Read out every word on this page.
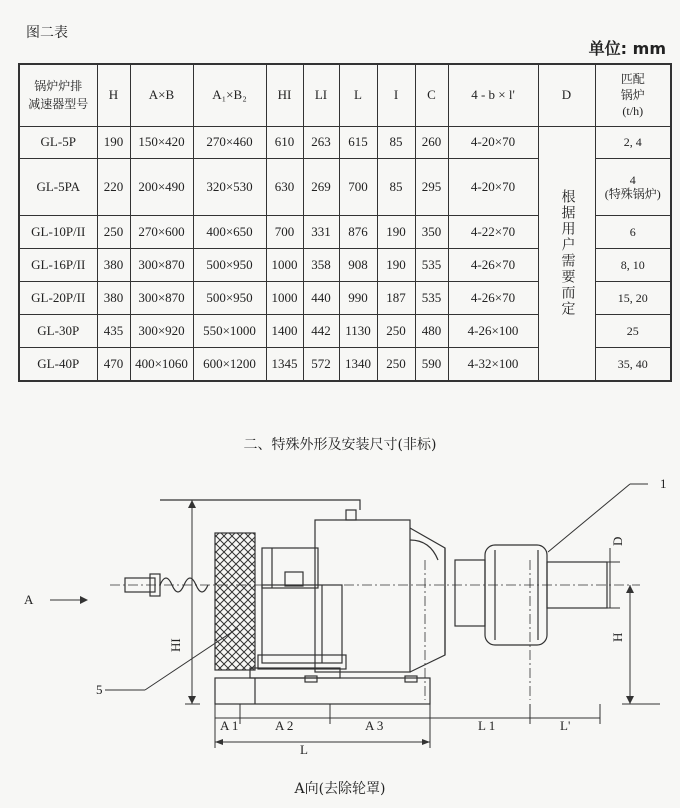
图二表
单位: mm
锅炉炉排
减速器型号	H	A×B	A₁×B₂	HI	LI	L	I	C	4 - b × l'	D	匹配
锅炉
(t/h)

GL-5P	190	150×420	270×460	610	263	615	85	260	4-20×70	根据用户需要而定	2, 4
GL-5PA	220	200×490	320×530	630	269	700	85	295	4-20×70		4
(特殊锅炉)

GL-10P/II	250	270×600	400×650	700	331	876	190	350	4-22×70		6
GL-16P/II	380	300×870	500×950	1000	358	908	190	535	4-26×70		8, 10
GL-20P/II	380	300×870	500×950	1000	440	990	187	535	4-26×70		15, 20
GL-30P	435	300×920	550×1000	1400	442	1130	250	480	4-26×100		25
GL-40P	470	400×1060	600×1200	1345	572	1340	250	590	4-32×100		35, 40
二、特殊外形及安装尺寸(非标)
1
5
A
HI
D
H
A 1	A 2	A 3	L 1	L'
L
A向(去除轮罩)
